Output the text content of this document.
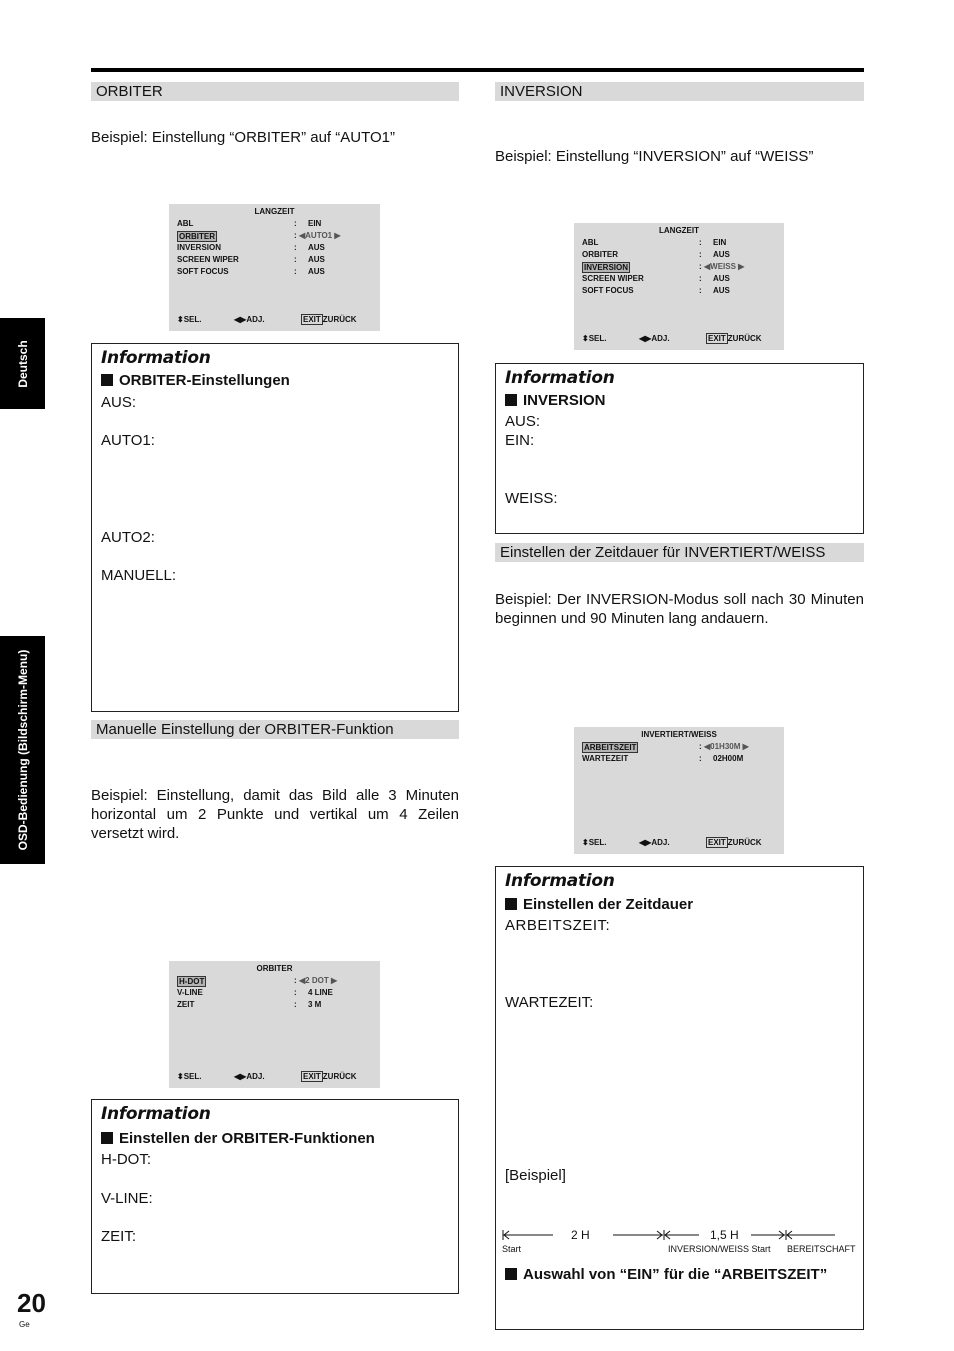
Deutsch
OSD-Bedienung (Bildschirm-Menu)
ORBITER
Beispiel: Einstellung “ORBITER” auf “AUTO1”
LANGZEIT
ABL	: EIN
ORBITER	: ◀AUTO1 ▶
INVERSION	: AUS
SCREEN WIPER	: AUS
SOFT FOCUS	: AUS
⬍SEL.	◀▶ADJ.	EXIT ZURÜCK
Information
ORBITER-Einstellungen
AUS:
AUTO1:
AUTO2:
MANUELL:
Manuelle Einstellung der ORBITER-Funktion
Beispiel: Einstellung, damit das Bild alle 3 Minuten horizontal um 2 Punkte und vertikal um 4 Zeilen versetzt wird.
ORBITER
H-DOT	: ◀2 DOT ▶
V-LINE	: 4 LINE
ZEIT	: 3 M
⬍SEL.	◀▶ADJ.	EXIT ZURÜCK
Information
Einstellen der ORBITER-Funktionen
H-DOT:
V-LINE:
ZEIT:
INVERSION
Beispiel: Einstellung “INVERSION” auf “WEISS”
LANGZEIT
ABL	: EIN
ORBITER	: AUS
INVERSION	: ◀WEISS ▶
SCREEN WIPER	: AUS
SOFT FOCUS	: AUS
⬍SEL.	◀▶ADJ.	EXIT ZURÜCK
Information
INVERSION
AUS:
EIN:
WEISS:
Einstellen der Zeitdauer für INVERTIERT/WEISS
Beispiel: Der INVERSION-Modus soll nach 30 Minuten beginnen und 90 Minuten lang andauern.
INVERTIERT/WEISS
ARBEITSZEIT	: ◀01H30M ▶
WARTEZEIT	: 02H00M
⬍SEL.	◀▶ADJ.	EXIT ZURÜCK
Information
Einstellen der Zeitdauer
ARBEITSZEIT:
WARTEZEIT:
[Beispiel]
2 H	1,5 H
Start	INVERSION/WEISS Start BEREITSCHAFT
Auswahl von “EIN” für die “ARBEITSZEIT”
20
Ge
